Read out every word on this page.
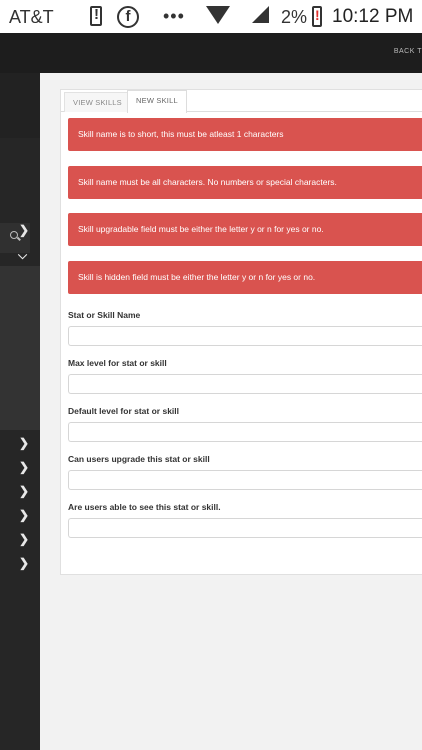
AT&T !	f	•••	2% ! 10:12 PM
BACK T
❯
⌵
❯
❯
❯
❯
❯
❯
VIEW SKILLS	NEW SKILL
Skill name is to short, this must be atleast 1 characters
Skill name must be all characters. No numbers or special characters.
Skill upgradable field must be either the letter y or n for yes or no.
Skill is hidden field must be either the letter y or n for yes or no.
Stat or Skill Name
Max level for stat or skill
Default level for stat or skill
Can users upgrade this stat or skill
Are users able to see this stat or skill.
